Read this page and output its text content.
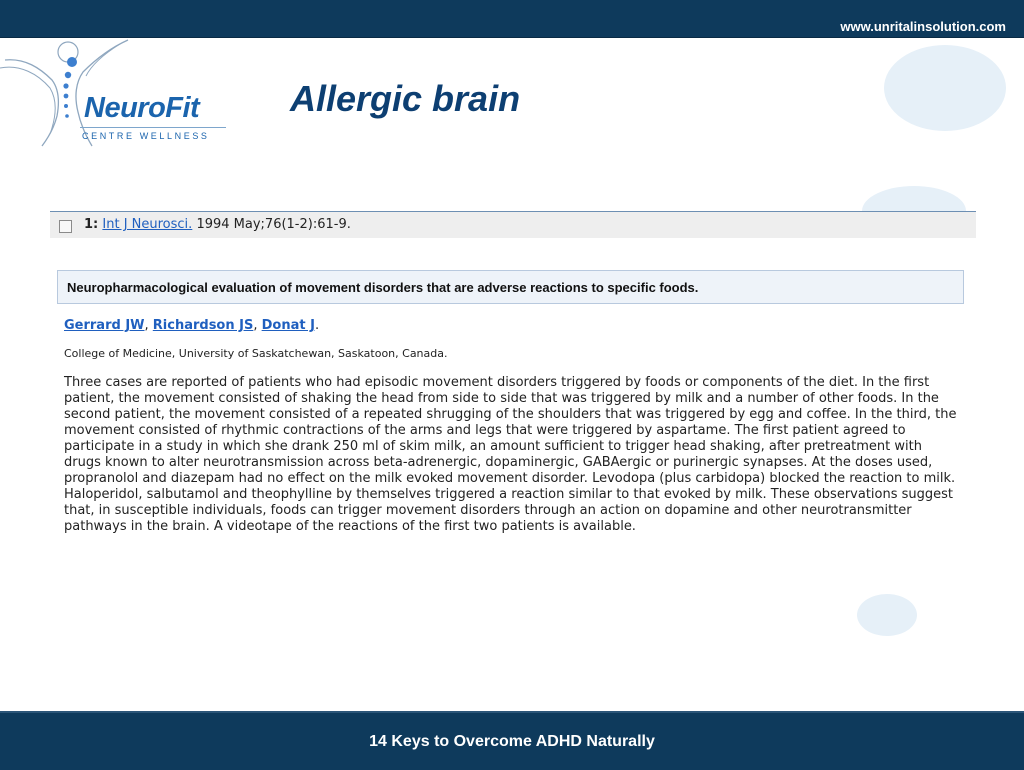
www.unritalinsolution.com
NeuroFit
CENTRE WELLNESS
Allergic brain
1: Int J Neurosci. 1994 May;76(1-2):61-9.
Neuropharmacological evaluation of movement disorders that are adverse reactions to specific foods.
Gerrard JW, Richardson JS, Donat J.
College of Medicine, University of Saskatchewan, Saskatoon, Canada.

Three cases are reported of patients who had episodic movement disorders triggered by foods or components of the diet. In the first patient, the movement consisted of shaking the head from side to side that was triggered by milk and a number of other foods. In the second patient, the movement consisted of a repeated shrugging of the shoulders that was triggered by egg and coffee. In the third, the movement consisted of rhythmic contractions of the arms and legs that were triggered by aspartame. The first patient agreed to participate in a study in which she drank 250 ml of skim milk, an amount sufficient to trigger head shaking, after pretreatment with drugs known to alter neurotransmission across beta-adrenergic, dopaminergic, GABAergic or purinergic synapses. At the doses used, propranolol and diazepam had no effect on the milk evoked movement disorder. Levodopa (plus carbidopa) blocked the reaction to milk. Haloperidol, salbutamol and theophylline by themselves triggered a reaction similar to that evoked by milk. These observations suggest that, in susceptible individuals, foods can trigger movement disorders through an action on dopamine and other neurotransmitter pathways in the brain. A videotape of the reactions of the first two patients is available.

14 Keys to Overcome ADHD Naturally
